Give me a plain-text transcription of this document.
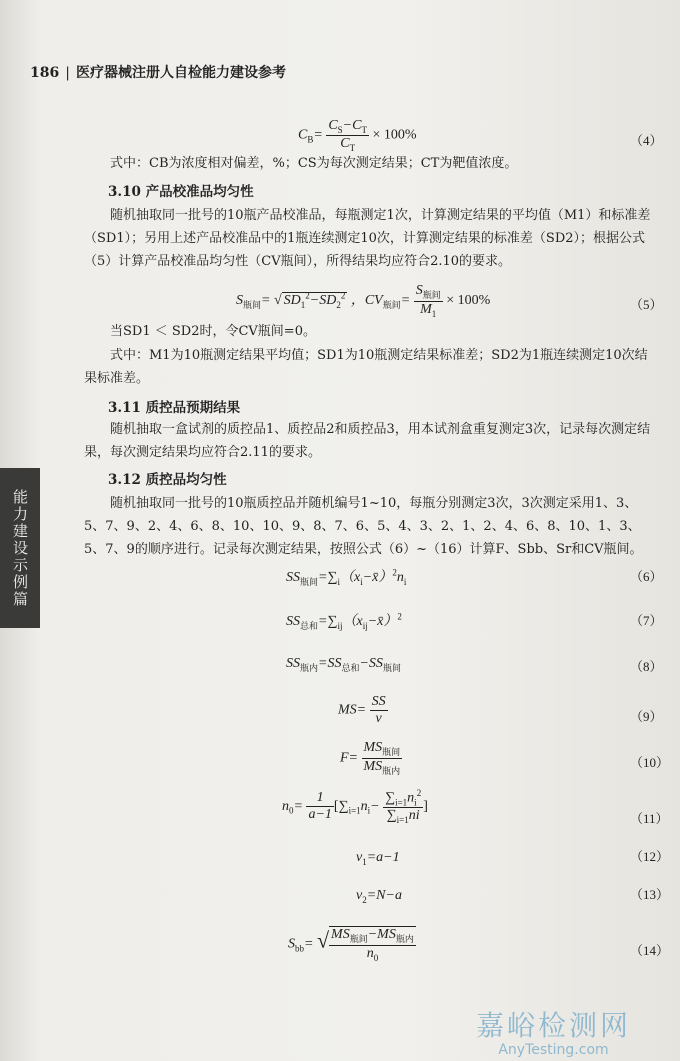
186 | 医疗器械注册人自检能力建设参考
$C_B= \frac{C_S-C_T}{C_T} \times 100\%$	（4）
式中：CB为浓度相对偏差，%；CS为每次测定结果；CT为靶值浓度。
3.10 产品校准品均匀性
随机抽取同一批号的10瓶产品校准品，每瓶测定1次，计算测定结果的平均值（M1）和标准差（SD1）；另用上述产品校准品中的1瓶连续测定10次，计算测定结果的标准差（SD2）；根据公式（5）计算产品校准品均匀性（CV瓶间），所得结果均应符合2.10的要求。
$S_{瓶间}=$ √ $SD_1^2-SD_2^2$ ，$CV_{瓶间}= \frac{S_{瓶间}}{M_1} \times 100\%$	（5）
当SD1 ＜ SD2时，令CV瓶间=0。
式中：M1为10瓶测定结果平均值；SD1为10瓶测定结果标准差；SD2为1瓶连续测定10次结果标准差。
3.11 质控品预期结果
随机抽取一盒试剂的质控品1、质控品2和质控品3，用本试剂盒重复测定3次，记录每次测定结果，每次测定结果均应符合2.11的要求。
3.12 质控品均匀性
随机抽取同一批号的10瓶质控品并随机编号1~10，每瓶分别测定3次，3次测定采用1、3、5、7、9、2、4、6、8、10、10、9、8、7、6、5、4、3、2、1、2、4、6、8、10、1、3、5、7、9的顺序进行。记录每次测定结果，按照公式（6）~（16）计算F、Sbb、Sr和CV瓶间。
$SS_{瓶间}=\sum_i(x_i-x̄)^2n_i$	（6）
$SS_{总和}=\sum_{ij}(x_{ij}-x̄)^2$	（7）
$SS_{瓶内}=SS_{总和}-SS_{瓶间}$	（8）
$MS= \frac{SS}{v}$	（9）
$F= \frac{MS_{瓶间}}{MS_{瓶内}}$	（10）
$n_0= \frac{1}{a-1} [\sum_{i=1}n_i- \frac{\sum_{i=1}n_i^2}{\sum_{i=1}ni}$ ]
（11）
$v_1=a-1$	（12）
$v_2=N-a$	（13）
$S_{bb}=$ √ $\frac{MS_{瓶间}-MS_{瓶内}}{n_0}$	（14）
能力建设示例篇
嘉峪检测网
AnyTesting.com
